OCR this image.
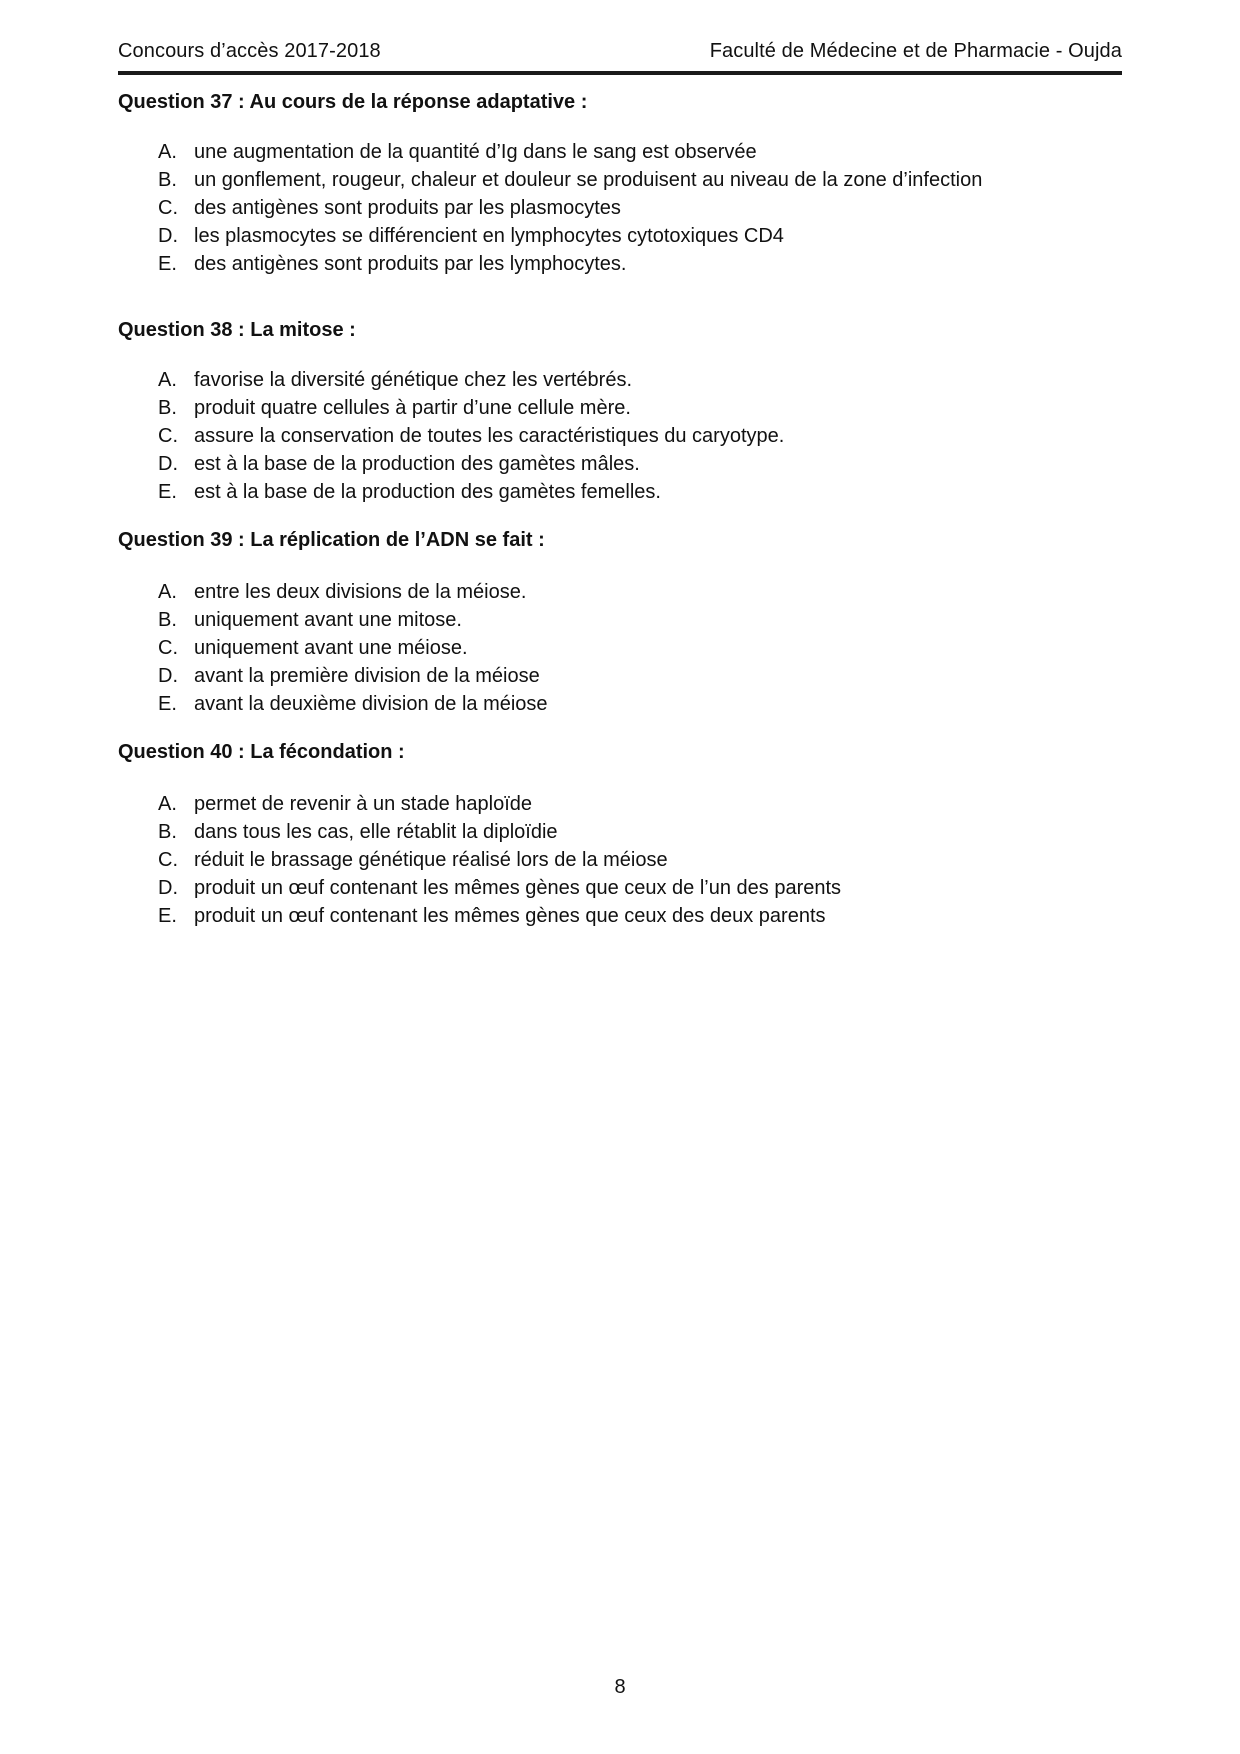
Concours d’accès 2017-2018	Faculté de Médecine et de Pharmacie - Oujda
Question 37 : Au cours de la réponse adaptative :
A. une augmentation de la quantité d’Ig dans le sang est observée
B. un gonflement, rougeur, chaleur et douleur se produisent au niveau de la zone d’infection
C. des antigènes sont produits par les plasmocytes
D. les plasmocytes se différencient en lymphocytes cytotoxiques CD4
E. des antigènes sont produits par les lymphocytes.
Question 38 : La mitose :
A. favorise la diversité génétique chez les vertébrés.
B. produit quatre cellules à partir d’une cellule mère.
C. assure la conservation de toutes les caractéristiques du caryotype.
D. est à la base de la production des gamètes mâles.
E. est à la base de la production des gamètes femelles.
Question 39 : La réplication de l’ADN se fait :
A. entre les deux divisions de la méiose.
B. uniquement avant une mitose.
C. uniquement avant une méiose.
D. avant la première division de la méiose
E. avant la deuxième division de la méiose
Question 40 : La fécondation :
A. permet de revenir à un stade haploïde
B. dans tous les cas, elle rétablit la diploïdie
C. réduit le brassage génétique réalisé lors de la méiose
D. produit un œuf contenant les mêmes gènes que ceux de l’un des parents
E. produit un œuf contenant les mêmes gènes que ceux des deux parents
8
